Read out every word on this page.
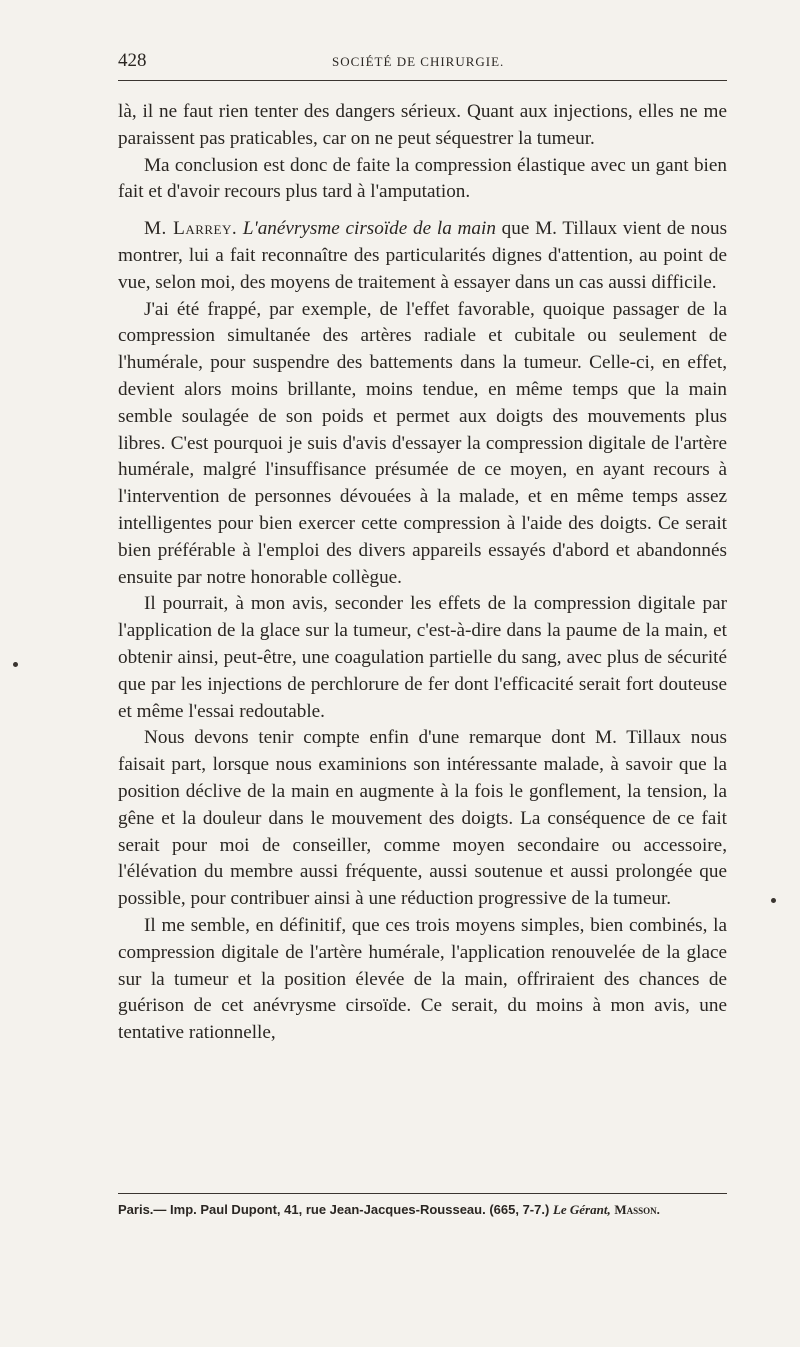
428	SOCIÉTÉ DE CHIRURGIE.

là, il ne faut rien tenter des dangers sérieux. Quant aux injections, elles ne me paraissent pas praticables, car on ne peut séquestrer la tumeur.

Ma conclusion est donc de faite la compression élastique avec un gant bien fait et d'avoir recours plus tard à l'amputation.

M. Larrey. L'anévrysme cirsoïde de la main que M. Tillaux vient de nous montrer, lui a fait reconnaître des particularités dignes d'attention, au point de vue, selon moi, des moyens de traitement à essayer dans un cas aussi difficile.

J'ai été frappé, par exemple, de l'effet favorable, quoique passager de la compression simultanée des artères radiale et cubitale ou seulement de l'humérale, pour suspendre des battements dans la tumeur. Celle-ci, en effet, devient alors moins brillante, moins tendue, en même temps que la main semble soulagée de son poids et permet aux doigts des mouvements plus libres. C'est pourquoi je suis d'avis d'essayer la compression digitale de l'artère humérale, malgré l'insuffisance présumée de ce moyen, en ayant recours à l'intervention de personnes dévouées à la malade, et en même temps assez intelligentes pour bien exercer cette compression à l'aide des doigts. Ce serait bien préférable à l'emploi des divers appareils essayés d'abord et abandonnés ensuite par notre honorable collègue.

Il pourrait, à mon avis, seconder les effets de la compression digitale par l'application de la glace sur la tumeur, c'est-à-dire dans la paume de la main, et obtenir ainsi, peut-être, une coagulation partielle du sang, avec plus de sécurité que par les injections de perchlorure de fer dont l'efficacité serait fort douteuse et même l'essai redoutable.

Nous devons tenir compte enfin d'une remarque dont M. Tillaux nous faisait part, lorsque nous examinions son intéressante malade, à savoir que la position déclive de la main en augmente à la fois le gonflement, la tension, la gêne et la douleur dans le mouvement des doigts. La conséquence de ce fait serait pour moi de conseiller, comme moyen secondaire ou accessoire, l'élévation du membre aussi fréquente, aussi soutenue et aussi prolongée que possible, pour contribuer ainsi à une réduction progressive de la tumeur.

Il me semble, en définitif, que ces trois moyens simples, bien combinés, la compression digitale de l'artère humérale, l'application renouvelée de la glace sur la tumeur et la position élevée de la main, offriraient des chances de guérison de cet anévrysme cirsoïde. Ce serait, du moins à mon avis, une tentative rationnelle,

Paris.— Imp. Paul Dupont, 41, rue Jean-Jacques-Rousseau. (665, 7-7.) Le Gérant, Masson.
